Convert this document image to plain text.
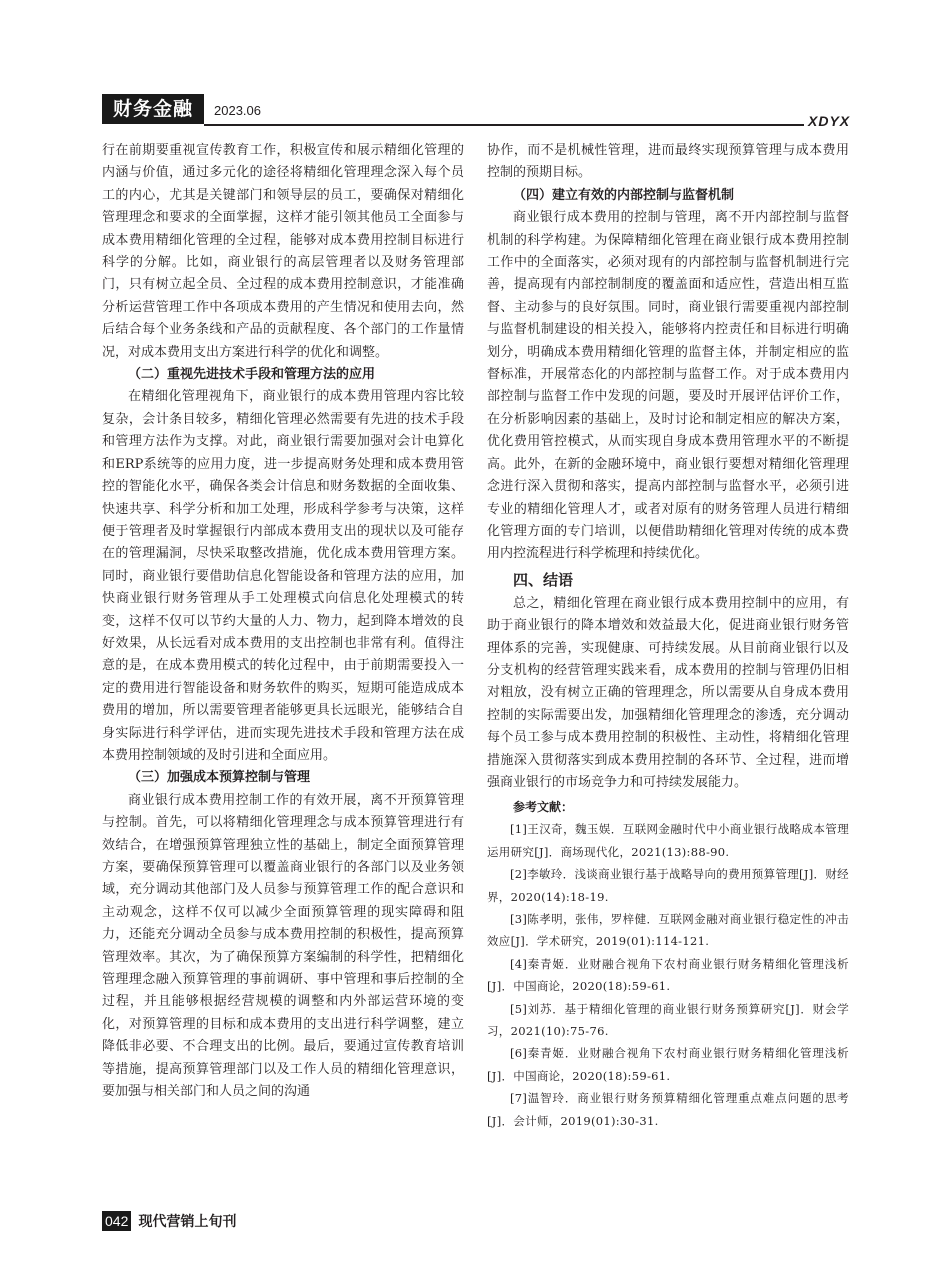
财务金融	2023.06
XDYX

行在前期要重视宣传教育工作，积极宣传和展示精细化管理的内涵与价值，通过多元化的途径将精细化管理理念深入每个员工的内心，尤其是关键部门和领导层的员工，要确保对精细化管理理念和要求的全面掌握，这样才能引领其他员工全面参与成本费用精细化管理的全过程，能够对成本费用控制目标进行科学的分解。比如，商业银行的高层管理者以及财务管理部门，只有树立起全员、全过程的成本费用控制意识，才能准确分析运营管理工作中各项成本费用的产生情况和使用去向，然后结合每个业务条线和产品的贡献程度、各个部门的工作量情况，对成本费用支出方案进行科学的优化和调整。

（二）重视先进技术手段和管理方法的应用

在精细化管理视角下，商业银行的成本费用管理内容比较复杂，会计条目较多，精细化管理必然需要有先进的技术手段和管理方法作为支撑。对此，商业银行需要加强对会计电算化和ERP系统等的应用力度，进一步提高财务处理和成本费用管控的智能化水平，确保各类会计信息和财务数据的全面收集、快速共享、科学分析和加工处理，形成科学参考与决策，这样便于管理者及时掌握银行内部成本费用支出的现状以及可能存在的管理漏洞，尽快采取整改措施，优化成本费用管理方案。同时，商业银行要借助信息化智能设备和管理方法的应用，加快商业银行财务管理从手工处理模式向信息化处理模式的转变，这样不仅可以节约大量的人力、物力，起到降本增效的良好效果，从长远看对成本费用的支出控制也非常有利。值得注意的是，在成本费用模式的转化过程中，由于前期需要投入一定的费用进行智能设备和财务软件的购买，短期可能造成成本费用的增加，所以需要管理者能够更具长远眼光，能够结合自身实际进行科学评估，进而实现先进技术手段和管理方法在成本费用控制领域的及时引进和全面应用。

（三）加强成本预算控制与管理

商业银行成本费用控制工作的有效开展，离不开预算管理与控制。首先，可以将精细化管理理念与成本预算管理进行有效结合，在增强预算管理独立性的基础上，制定全面预算管理方案，要确保预算管理可以覆盖商业银行的各部门以及业务领域，充分调动其他部门及人员参与预算管理工作的配合意识和主动观念，这样不仅可以减少全面预算管理的现实障碍和阻力，还能充分调动全员参与成本费用控制的积极性，提高预算管理效率。其次，为了确保预算方案编制的科学性，把精细化管理理念融入预算管理的事前调研、事中管理和事后控制的全过程，并且能够根据经营规模的调整和内外部运营环境的变化，对预算管理的目标和成本费用的支出进行科学调整，建立降低非必要、不合理支出的比例。最后，要通过宣传教育培训等措施，提高预算管理部门以及工作人员的精细化管理意识，要加强与相关部门和人员之间的沟通

协作，而不是机械性管理，进而最终实现预算管理与成本费用控制的预期目标。

（四）建立有效的内部控制与监督机制

商业银行成本费用的控制与管理，离不开内部控制与监督机制的科学构建。为保障精细化管理在商业银行成本费用控制工作中的全面落实，必须对现有的内部控制与监督机制进行完善，提高现有内部控制制度的覆盖面和适应性，营造出相互监督、主动参与的良好氛围。同时，商业银行需要重视内部控制与监督机制建设的相关投入，能够将内控责任和目标进行明确划分，明确成本费用精细化管理的监督主体，并制定相应的监督标准，开展常态化的内部控制与监督工作。对于成本费用内部控制与监督工作中发现的问题，要及时开展评估评价工作，在分析影响因素的基础上，及时讨论和制定相应的解决方案，优化费用管控模式，从而实现自身成本费用管理水平的不断提高。此外，在新的金融环境中，商业银行要想对精细化管理理念进行深入贯彻和落实，提高内部控制与监督水平，必须引进专业的精细化管理人才，或者对原有的财务管理人员进行精细化管理方面的专门培训，以便借助精细化管理对传统的成本费用内控流程进行科学梳理和持续优化。

四、结语

总之，精细化管理在商业银行成本费用控制中的应用，有助于商业银行的降本增效和效益最大化，促进商业银行财务管理体系的完善，实现健康、可持续发展。从目前商业银行以及分支机构的经营管理实践来看，成本费用的控制与管理仍旧相对粗放，没有树立正确的管理理念，所以需要从自身成本费用控制的实际需要出发，加强精细化管理理念的渗透，充分调动每个员工参与成本费用控制的积极性、主动性，将精细化管理措施深入贯彻落实到成本费用控制的各环节、全过程，进而增强商业银行的市场竞争力和可持续发展能力。

参考文献：
[1]王汉奇，魏玉娱．互联网金融时代中小商业银行战略成本管理运用研究[J]．商场现代化，2021(13):88-90.
[2]李敏玲．浅谈商业银行基于战略导向的费用预算管理[J]．财经界，2020(14):18-19.
[3]陈孝明，张伟，罗梓健．互联网金融对商业银行稳定性的冲击效应[J]．学术研究，2019(01):114-121.
[4]秦青姬．业财融合视角下农村商业银行财务精细化管理浅析[J]．中国商论，2020(18):59-61.
[5]刘苏．基于精细化管理的商业银行财务预算研究[J]．财会学习，2021(10):75-76.
[6]秦青姬．业财融合视角下农村商业银行财务精细化管理浅析[J]．中国商论，2020(18):59-61.
[7]温智玲．商业银行财务预算精细化管理重点难点问题的思考[J]．会计师，2019(01):30-31.
042 现代营销上旬刊
